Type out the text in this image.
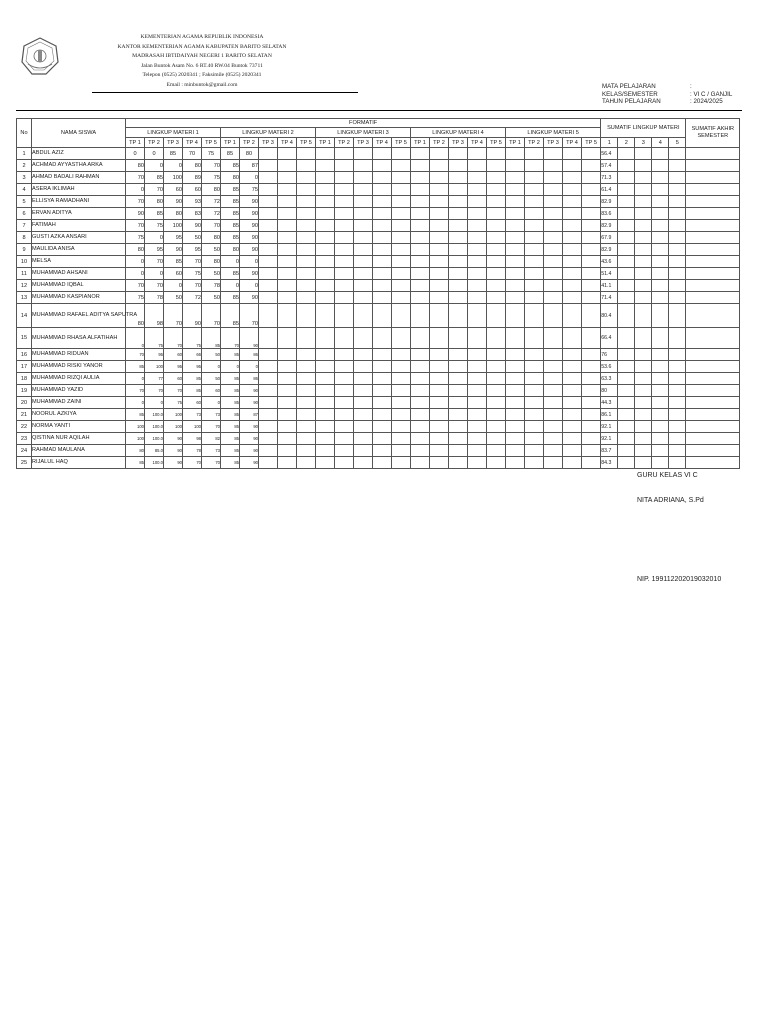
KEMENTERIAN AGAMA REPUBLIK INDONESIA
KANTOR KEMENTERIAN AGAMA KABUPATEN BARITO SELATAN
MADRASAH IBTIDAIYAH NEGERI 1 BARITO SELATAN
Jalan Buntok Asam No. 6 RT.40 RW.04 Buntok 73711
Telepon (0525) 2020341 ; Faksimile (0525) 2020341
Email : minbuntok@gmail.com	MATA PELAJARAN	:
KELAS/SEMESTER	: VI C / GANJIL
TAHUN PELAJARAN	: 2024/2025
No	NAMA SISWA	FORMATIF																									SUMATIF LINGKUP MATERI					SUMATIF AKHIR SEMESTER
		LINGKUP MATERI 1					LINGKUP MATERI 2					LINGKUP MATERI 3					LINGKUP MATERI 4					LINGKUP MATERI 5										
		TP 1	TP 2	TP 3	TP 4	TP 5	TP 1	TP 2	TP 3	TP 4	TP 5	TP 1	TP 2	TP 3	TP 4	TP 5	TP 1	TP 2	TP 3	TP 4	TP 5	TP 1	TP 2	TP 3	TP 4	TP 5	1	2	3	4	5	
1	ABDUL AZIZ	0	0	85	70	75	85	80																			56.4					
2	ACHMAD AYYASTHA ARKA	80	0	0	80	70	85	87																			57.4					
3	AHMAD BADALI RAHMAN	70	85	100	89	75	80	0																			71.3					
4	ASERA IKLIMAH	0	70	60	60	80	85	75																			61.4					
5	ELLISYA RAMADHANI	70	80	90	93	72	85	90																			82.9					
6	ERVAN ADITYA	90	85	80	83	72	85	90																			83.6					
7	FATIMAH	70	75	100	90	70	85	90																			82.9					
8	GUSTI AZKA ANSARI	75	0	95	50	80	85	90																			67.9					
9	MAULIDA ANISA	80	95	90	95	50	80	90																			82.9					
10	MELSA	0	70	85	70	80	0	0																			43.6					
11	MUHAMMAD AHSANI	0	0	60	75	50	85	90																			51.4					
12	MUHAMMAD IQBAL	70	70	0	70	78	0	0																			41.1					
13	MUHAMMAD KASPIANOR	75	78	50	72	50	85	90																			71.4					
14	MUHAMMAD RAFAEL ADITYA SAPUTRA	80	98	70	90	70	85	70																			80.4					
15	MUHAMMAD RHASA ALFATIHAH	0	75	70	75	85	70	90																			66.4					
16	MUHAMMAD RIDUAN	70	95	60	66	50	85	86																			76					
17	MUHAMMAD RISKI YANOR	85	100	95	95	0	0	0																			53.6					
18	MUHAMMAD RIZQI AULIA	0	77	60	85	50	85	86																			63.3					
19	MUHAMMAD YAZID	70	70	70	85	60	85	90																			80					
20	MUHAMMAD ZAINI	0	0	75	60	0	85	90																			44.3					
21	NOORUL AZKIYA	85	100.0	100	73	73	85	87																			86.1					
22	NORMA YANTI	100	100.0	100	100	70	85	90																			92.1					
23	QISTINA NUR AQILAH	100	100.0	90	98	82	85	90																			92.1					
24	RAHMAD MAULANA	80	85.0	90	78	73	85	90																			83.7					
25	RIJALUL HAQ	85	100.0	90	70	70	85	90																			84.3					
GURU KELAS VI C
NITA ADRIANA, S.Pd
NIP. 199112202019032010
